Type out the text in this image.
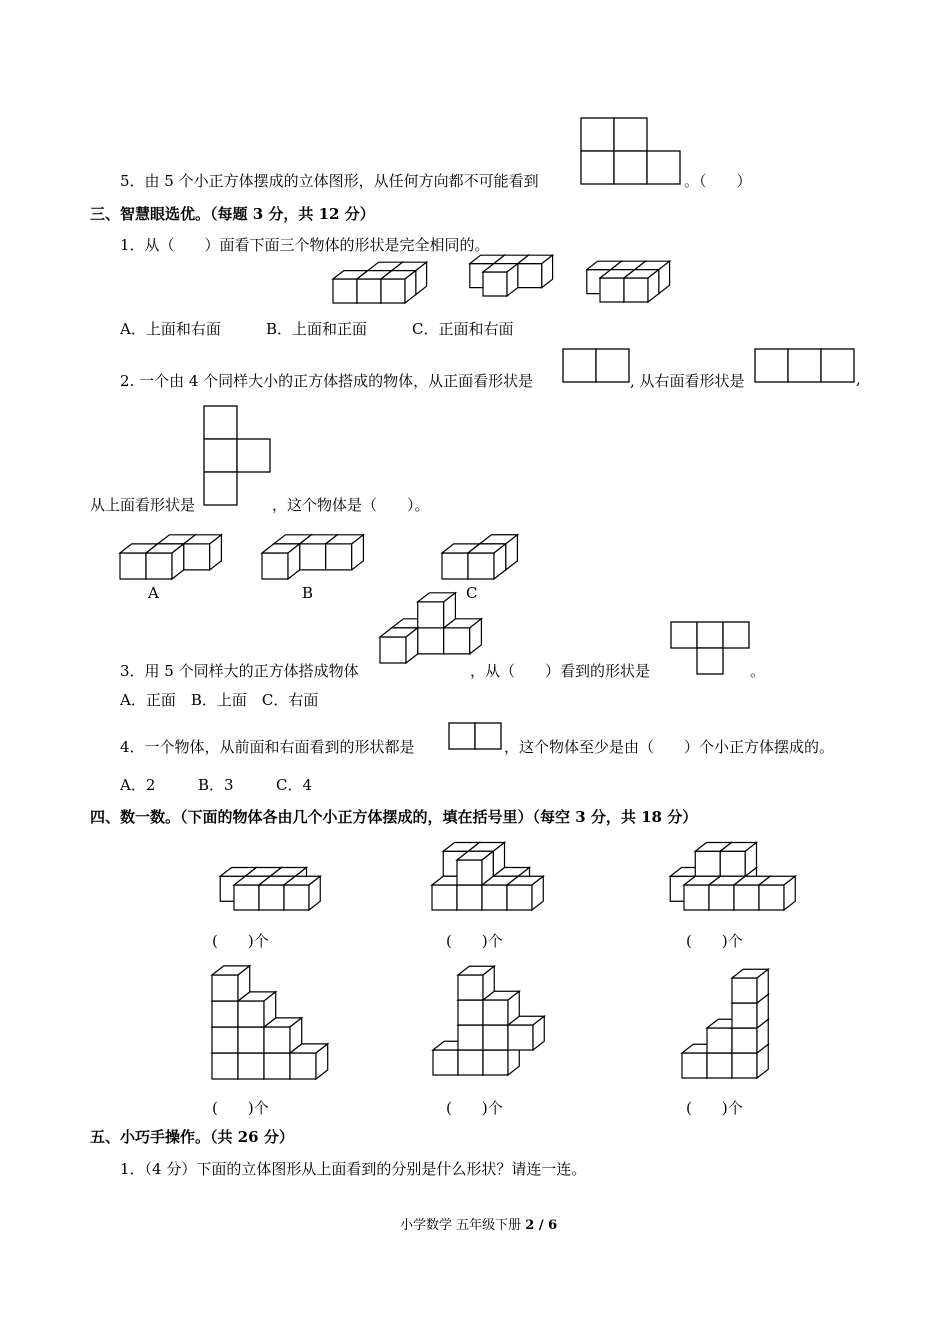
5．由 5 个小正方体摆成的立体图形，从任何方向都不可能看到	。（　　）
三、智慧眼选优。（每题 3 分，共 12 分）
1．从（　　）面看下面三个物体的形状是完全相同的。
A．上面和右面	B．上面和正面	C．正面和右面
2. 一个由 4 个同样大小的正方体搭成的物体，从正面看形状是	, 从右面看形状是	,
从上面看形状是	，这个物体是（　　）。
A	B	C
3．用 5 个同样大的正方体搭成物体	，从（　　）看到的形状是	。
A．正面　B．上面　C．右面
4．一个物体，从前面和右面看到的形状都是	，这个物体至少是由（　　）个小正方体摆成的。
A．2	B．3	C．4
四、数一数。（下面的物体各由几个小正方体摆成的，填在括号里）（每空 3 分，共 18 分）
(　　)个	(　　)个	(　　)个
(　　)个	(　　)个	(　　)个
五、小巧手操作。（共 26 分）
1．（4 分）下面的立体图形从上面看到的分别是什么形状？请连一连。
小学数学 五年级下册 2 / 6
